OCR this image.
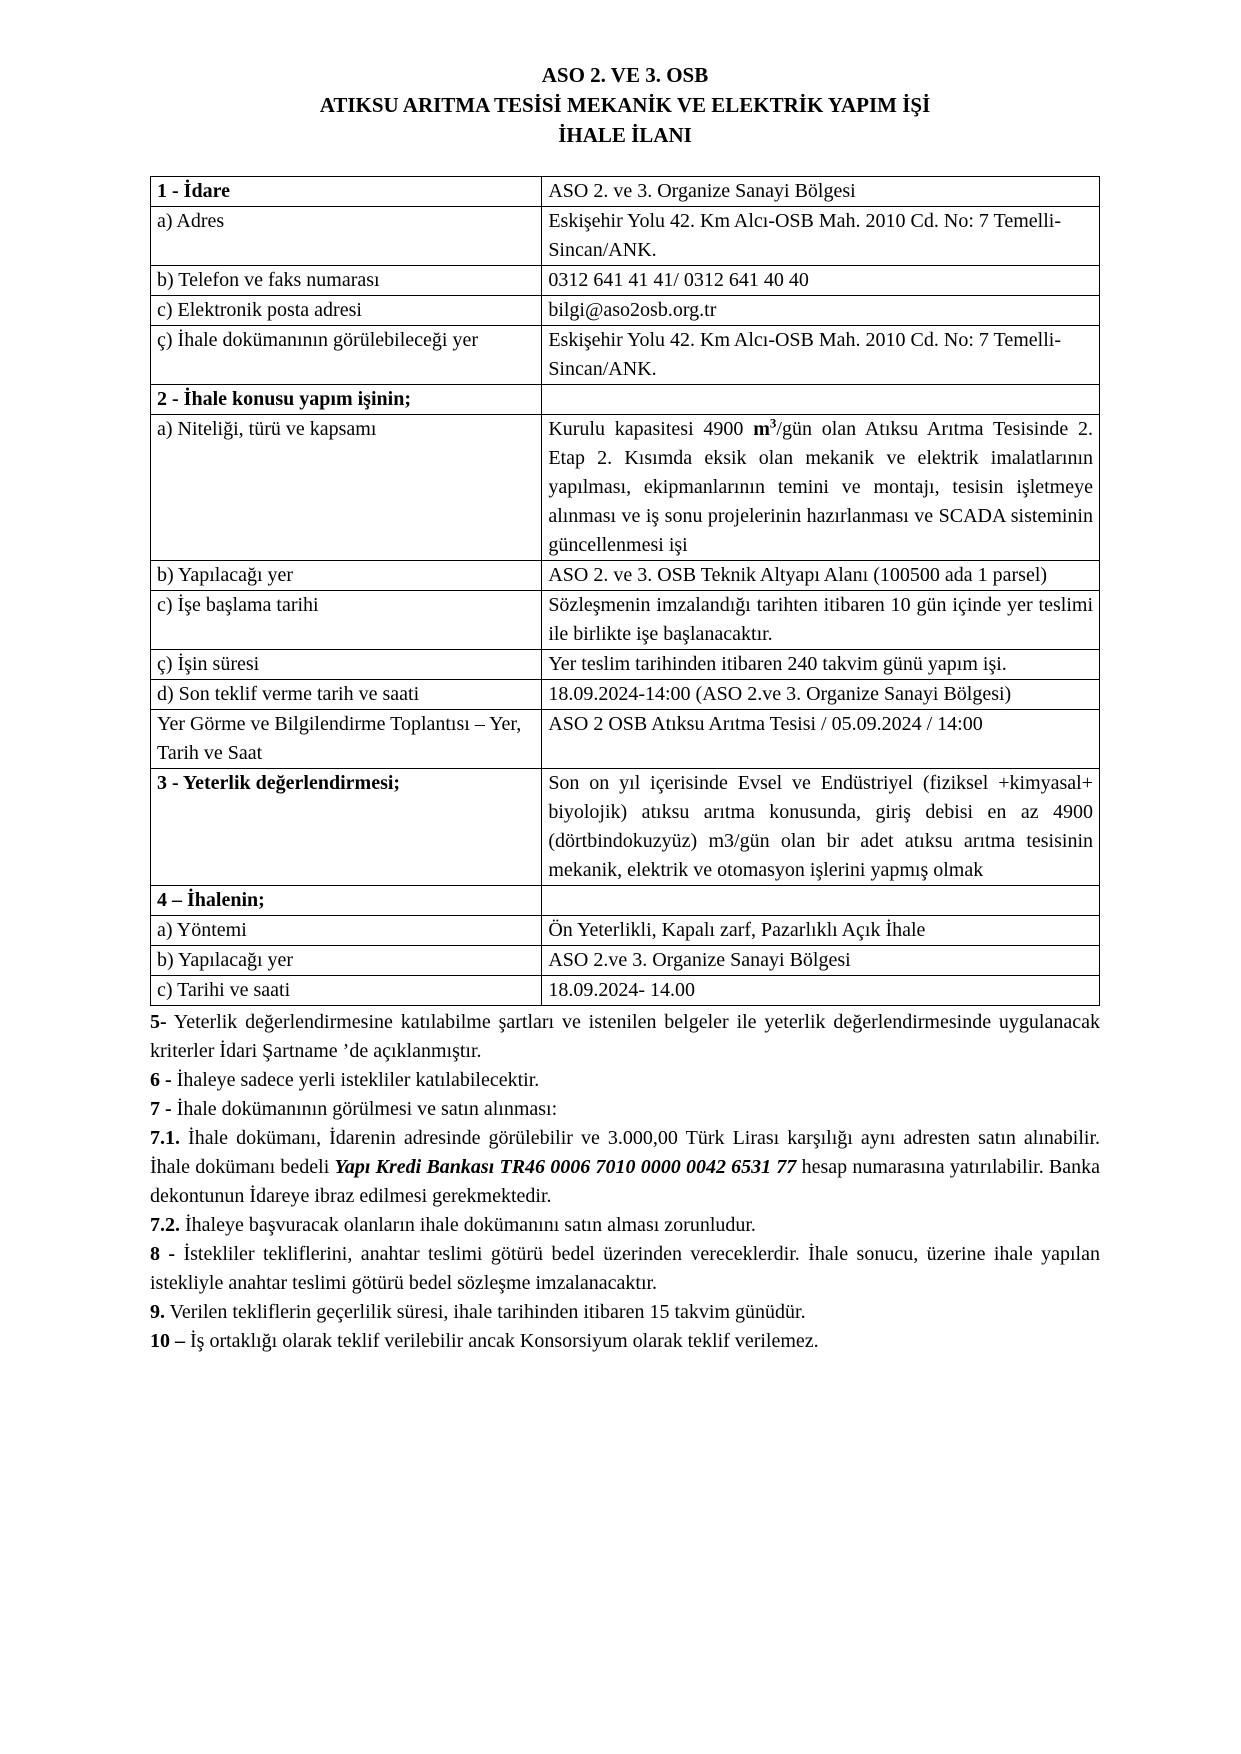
ASO 2. VE 3. OSB

ATIKSU ARITMA TESİSİ MEKANİK VE ELEKTRİK YAPIM İŞİ

İHALE İLANI

1 - İdare	ASO 2. ve 3. Organize Sanayi Bölgesi
a) Adres	Eskişehir Yolu 42. Km Alcı-OSB Mah. 2010 Cd. No: 7 Temelli-Sincan/ANK.
b) Telefon ve faks numarası	0312 641 41 41/ 0312 641 40 40
c) Elektronik posta adresi	bilgi@aso2osb.org.tr
ç) İhale dokümanının görülebileceği yer	Eskişehir Yolu 42. Km Alcı-OSB Mah. 2010 Cd. No: 7 Temelli-Sincan/ANK.
2 - İhale konusu yapım işinin;	
a) Niteliği, türü ve kapsamı	Kurulu kapasitesi 4900 $m^3$/gün olan Atıksu Arıtma Tesisinde 2. Etap 2. Kısımda eksik olan mekanik ve elektrik imalatlarının yapılması, ekipmanlarının temini ve montajı, tesisin işletmeye alınması ve iş sonu projelerinin hazırlanması ve SCADA sisteminin güncellenmesi işi
b) Yapılacağı yer	ASO 2. ve 3. OSB Teknik Altyapı Alanı (100500 ada 1 parsel)
c) İşe başlama tarihi	Sözleşmenin imzalandığı tarihten itibaren 10 gün içinde yer teslimi ile birlikte işe başlanacaktır.
ç) İşin süresi	Yer teslim tarihinden itibaren 240 takvim günü yapım işi.
d) Son teklif verme tarih ve saati	18.09.2024-14:00 (ASO 2.ve 3. Organize Sanayi Bölgesi)
Yer Görme ve Bilgilendirme Toplantısı – Yer, Tarih ve Saat	ASO 2 OSB Atıksu Arıtma Tesisi / 05.09.2024 / 14:00
3 - Yeterlik değerlendirmesi;	Son on yıl içerisinde Evsel ve Endüstriyel (fiziksel +kimyasal+ biyolojik) atıksu arıtma konusunda, giriş debisi en az 4900 (dörtbindokuzyüz) m3/gün olan bir adet atıksu arıtma tesisinin mekanik, elektrik ve otomasyon işlerini yapmış olmak
4 – İhalenin;	
a) Yöntemi	Ön Yeterlikli, Kapalı zarf, Pazarlıklı Açık İhale
b) Yapılacağı yer	ASO 2.ve 3. Organize Sanayi Bölgesi
c) Tarihi ve saati	18.09.2024- 14.00

5- Yeterlik değerlendirmesine katılabilme şartları ve istenilen belgeler ile yeterlik değerlendirmesinde uygulanacak kriterler İdari Şartname ’de açıklanmıştır.

6 - İhaleye sadece yerli istekliler katılabilecektir.

7 - İhale dokümanının görülmesi ve satın alınması:

7.1. İhale dokümanı, İdarenin adresinde görülebilir ve 3.000,00 Türk Lirası karşılığı aynı adresten satın alınabilir. İhale dokümanı bedeli Yapı Kredi Bankası TR46 0006 7010 0000 0042 6531 77 hesap numarasına yatırılabilir. Banka dekontunun İdareye ibraz edilmesi gerekmektedir.

7.2. İhaleye başvuracak olanların ihale dokümanını satın alması zorunludur.

8 - İstekliler tekliflerini, anahtar teslimi götürü bedel üzerinden vereceklerdir. İhale sonucu, üzerine ihale yapılan istekliyle anahtar teslimi götürü bedel sözleşme imzalanacaktır.

9. Verilen tekliflerin geçerlilik süresi, ihale tarihinden itibaren 15 takvim günüdür.

10 – İş ortaklığı olarak teklif verilebilir ancak Konsorsiyum olarak teklif verilemez.
